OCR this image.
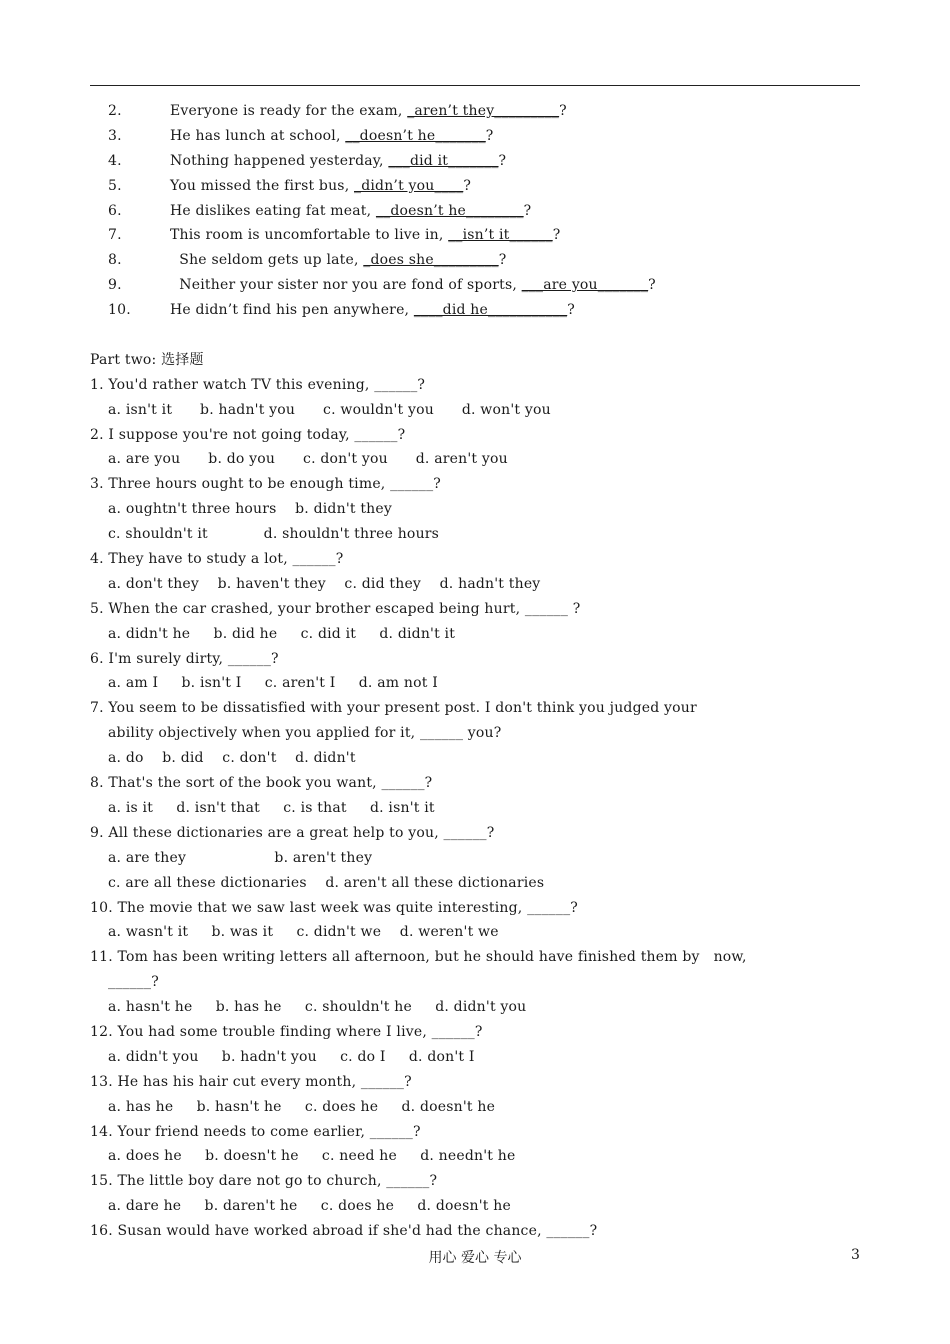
2.	Everyone is ready for the exam, _aren’t they_________?
3.	He has lunch at school, __doesn’t he_______?
4.	Nothing happened yesterday, ___did it_______?
5.	You missed the first bus, _didn’t you____?
6.	He dislikes eating fat meat, __doesn’t he________?
7.	This room is uncomfortable to live in, __isn’t it______?
8.	She seldom gets up late, _does she_________?
9.	Neither your sister nor you are fond of sports, ___are you_______?
10.	He didn’t find his pen anywhere, ____did he___________?
Part two: 选择题
1. You'd rather watch TV this evening, ______?
a. isn't it      b. hadn't you      c. wouldn't you      d. won't you
2. I suppose you're not going today, ______?
a. are you      b. do you      c. don't you      d. aren't you
3. Three hours ought to be enough time, ______?
a. oughtn't three hours    b. didn't they
c. shouldn't it            d. shouldn't three hours
4. They have to study a lot, ______?
a. don't they    b. haven't they    c. did they    d. hadn't they
5. When the car crashed, your brother escaped being hurt, ______ ?
a. didn't he     b. did he     c. did it     d. didn't it
6. I'm surely dirty, ______?
a. am I     b. isn't I     c. aren't I     d. am not I
7. You seem to be dissatisfied with your present post. I don't think you judged your
ability objectively when you applied for it, ______ you?
a. do    b. did    c. don't    d. didn't
8. That's the sort of the book you want, ______?
a. is it     d. isn't that     c. is that     d. isn't it
9. All these dictionaries are a great help to you, ______?
a. are they                   b. aren't they
c. are all these dictionaries    d. aren't all these dictionaries
10. The movie that we saw last week was quite interesting, ______?
a. wasn't it     b. was it     c. didn't we    d. weren't we
11. Tom has been writing letters all afternoon, but he should have finished them by   now,
______?
a. hasn't he     b. has he     c. shouldn't he     d. didn't you
12. You had some trouble finding where I live, ______?
a. didn't you     b. hadn't you     c. do I     d. don't I
13. He has his hair cut every month, ______?
a. has he     b. hasn't he     c. does he     d. doesn't he
14. Your friend needs to come earlier, ______?
a. does he     b. doesn't he     c. need he     d. needn't he
15. The little boy dare not go to church, ______?
a. dare he     b. daren't he     c. does he     d. doesn't he
16. Susan would have worked abroad if she'd had the chance, ______?
用心 爱心 专心	3
